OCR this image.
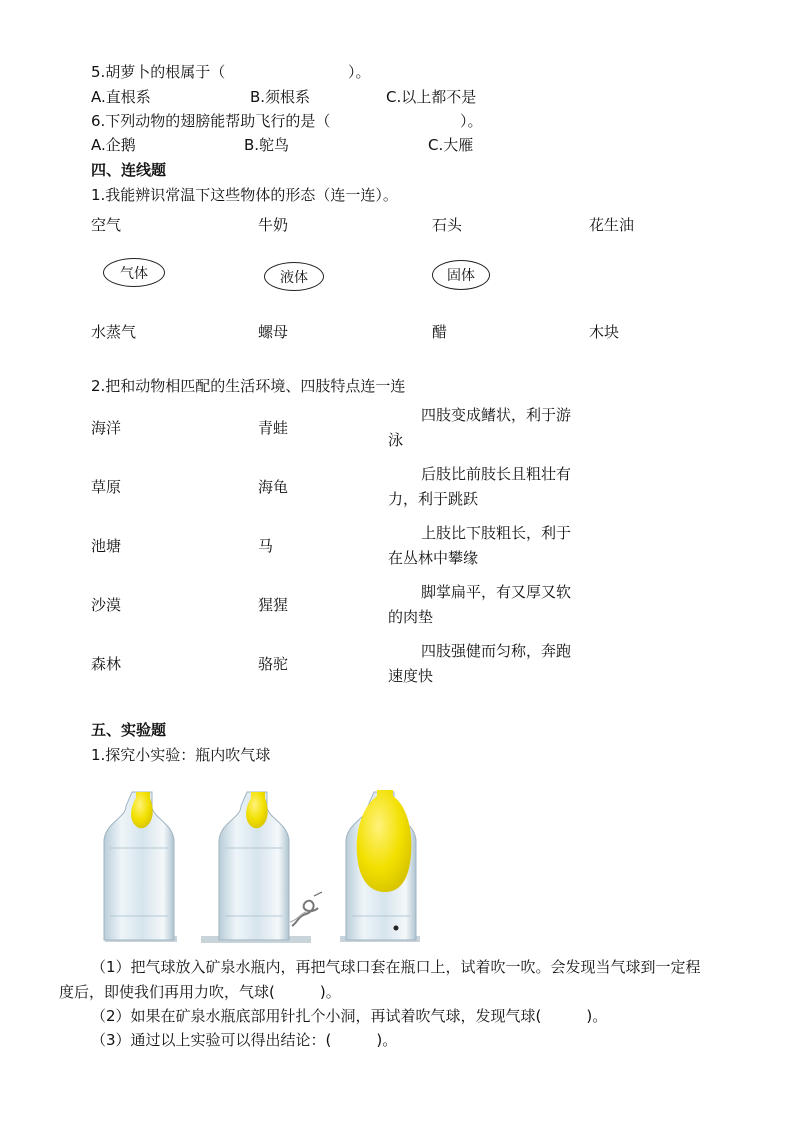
5.胡萝卜的根属于（	）。
A.直根系	B.须根系	C.以上都不是
6.下列动物的翅膀能帮助飞行的是（	）。
A.企鹅	B.鸵鸟	C.大雁
四、连线题
1.我能辨识常温下这些物体的形态（连一连）。
空气	牛奶	石头	花生油
气体	液体	固体
水蒸气	螺母	醋	木块
2.把和动物相匹配的生活环境、四肢特点连一连
海洋	青蛙
四肢变成鳍状，利于游
泳
草原	海龟
后肢比前肢长且粗壮有
力，利于跳跃
池塘	马
上肢比下肢粗长，利于
在丛林中攀缘
沙漠	猩猩
脚掌扁平，有又厚又软
的肉垫
森林	骆驼
四肢强健而匀称，奔跑
速度快
五、实验题
1.探究小实验：瓶内吹气球
（1）把气球放入矿泉水瓶内，再把气球口套在瓶口上，试着吹一吹。会发现当气球到一定程
度后，即使我们再用力吹，气球(　　　)。
（2）如果在矿泉水瓶底部用针扎个小洞，再试着吹气球，发现气球(　　　)。
（3）通过以上实验可以得出结论：(　　　)。
